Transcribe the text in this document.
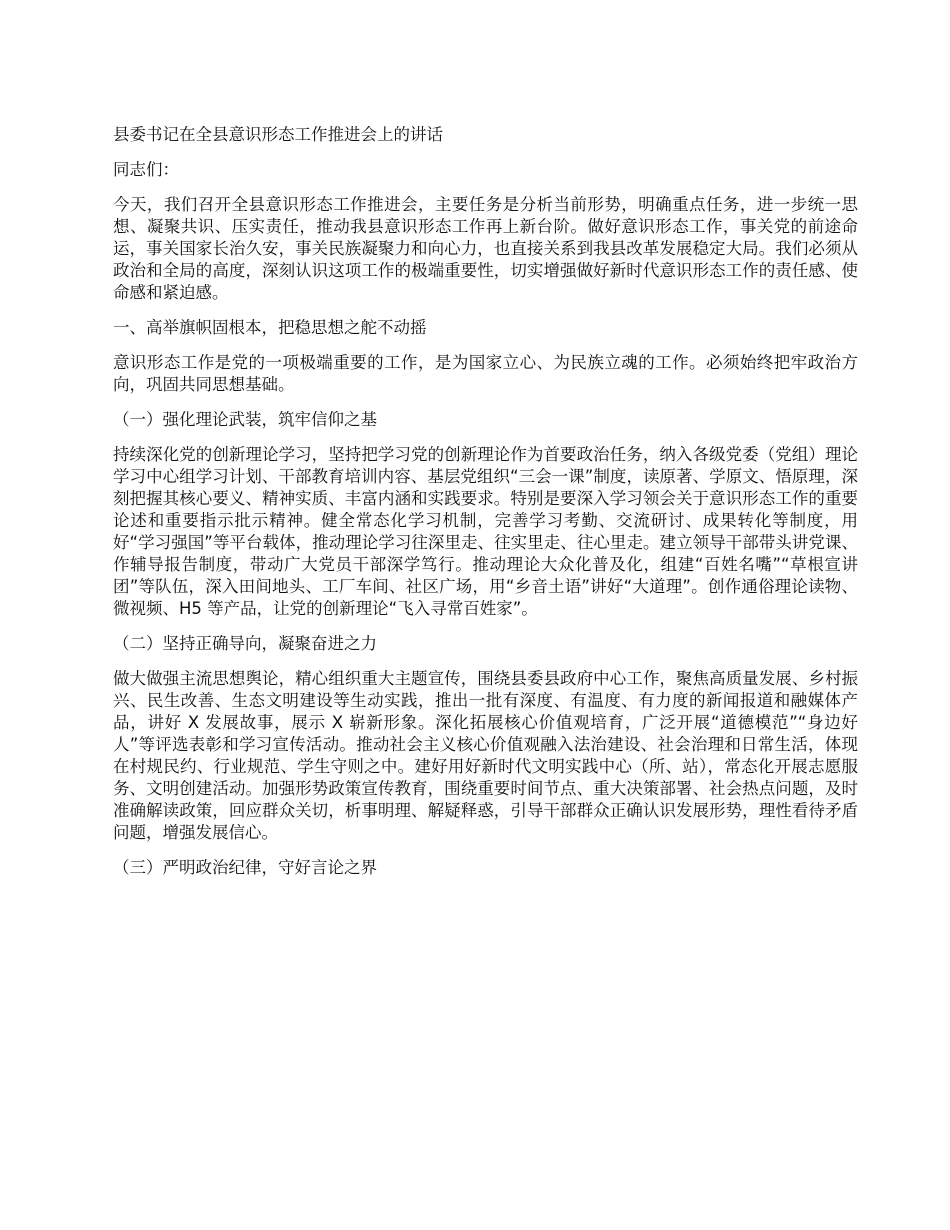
县委书记在全县意识形态工作推进会上的讲话

同志们：

今天，我们召开全县意识形态工作推进会，主要任务是分析当前形势，明确重点任务，进一步统一思想、凝聚共识、压实责任，推动我县意识形态工作再上新台阶。做好意识形态工作，事关党的前途命运，事关国家长治久安，事关民族凝聚力和向心力，也直接关系到我县改革发展稳定大局。我们必须从政治和全局的高度，深刻认识这项工作的极端重要性，切实增强做好新时代意识形态工作的责任感、使命感和紧迫感。

一、高举旗帜固根本，把稳思想之舵不动摇

意识形态工作是党的一项极端重要的工作，是为国家立心、为民族立魂的工作。必须始终把牢政治方向，巩固共同思想基础。

（一）强化理论武装，筑牢信仰之基

持续深化党的创新理论学习，坚持把学习党的创新理论作为首要政治任务，纳入各级党委（党组）理论学习中心组学习计划、干部教育培训内容、基层党组织“三会一课”制度，读原著、学原文、悟原理，深刻把握其核心要义、精神实质、丰富内涵和实践要求。特别是要深入学习领会关于意识形态工作的重要论述和重要指示批示精神。健全常态化学习机制，完善学习考勤、交流研讨、成果转化等制度，用好“学习强国”等平台载体，推动理论学习往深里走、往实里走、往心里走。建立领导干部带头讲党课、作辅导报告制度，带动广大党员干部深学笃行。推动理论大众化普及化，组建“百姓名嘴”“草根宣讲团”等队伍，深入田间地头、工厂车间、社区广场，用“乡音土语”讲好“大道理”。创作通俗理论读物、微视频、H5 等产品，让党的创新理论“飞入寻常百姓家”。

（二）坚持正确导向，凝聚奋进之力

做大做强主流思想舆论，精心组织重大主题宣传，围绕县委县政府中心工作，聚焦高质量发展、乡村振兴、民生改善、生态文明建设等生动实践，推出一批有深度、有温度、有力度的新闻报道和融媒体产品，讲好 X 发展故事，展示 X 崭新形象。深化拓展核心价值观培育，广泛开展“道德模范”“身边好人”等评选表彰和学习宣传活动。推动社会主义核心价值观融入法治建设、社会治理和日常生活，体现在村规民约、行业规范、学生守则之中。建好用好新时代文明实践中心（所、站），常态化开展志愿服务、文明创建活动。加强形势政策宣传教育，围绕重要时间节点、重大决策部署、社会热点问题，及时准确解读政策，回应群众关切，析事明理、解疑释惑，引导干部群众正确认识发展形势，理性看待矛盾问题，增强发展信心。

（三）严明政治纪律，守好言论之界
